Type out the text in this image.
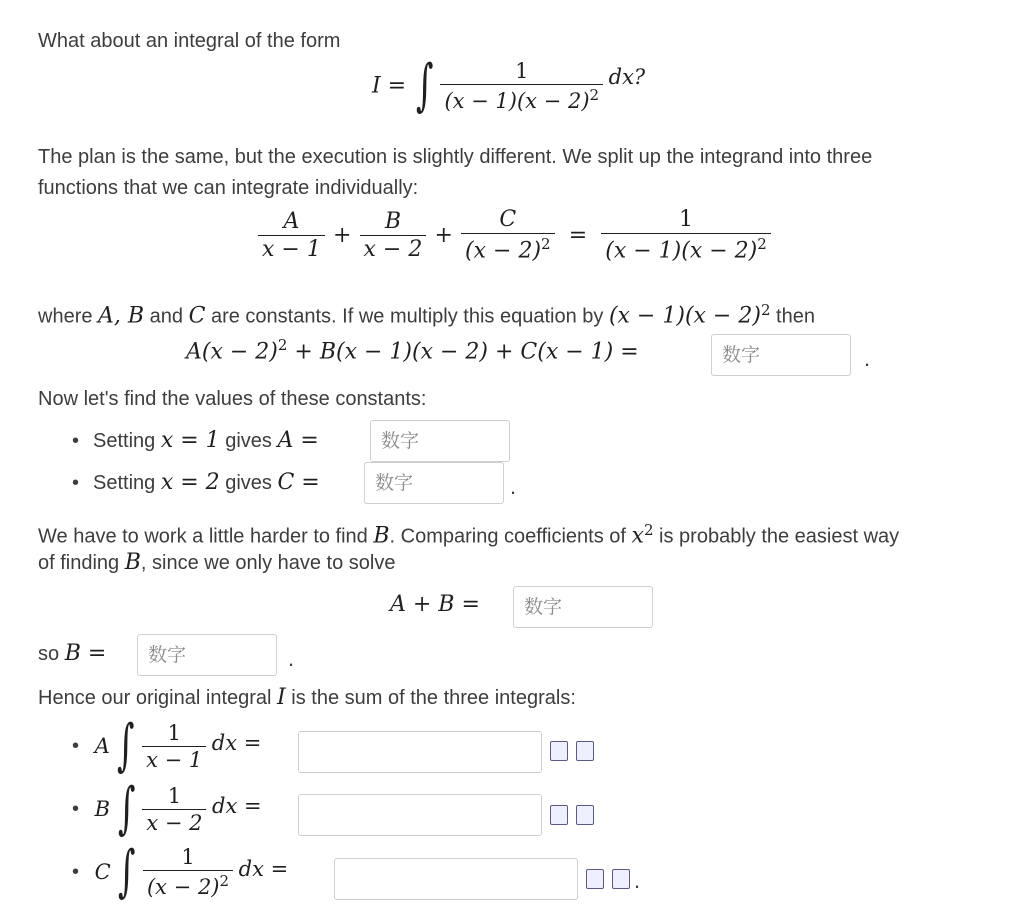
What about an integral of the form
I = ∫ $\frac{1}{(x - 1)(x - 2)^2}$ dx?
The plan is the same, but the execution is slightly different. We split up the integrand into three
functions that we can integrate individually:
$\frac{A}{x - 1} + \frac{B}{x - 2} + \frac{C}{(x - 2)^2} = \frac{1}{(x - 1)(x - 2)^2}$
where A, B and C are constants. If we multiply this equation by $(x - 1)(x - 2)^2$ then
$A(x - 2)^2 + B(x - 1)(x - 2) + C(x - 1)$ =	数字	.
Now let's find the values of these constants:
• Setting x = 1 gives A =	数字
• Setting x = 2 gives C =	数字	.
We have to work a little harder to find B. Comparing coefficients of $x^2$ is probably the easiest way
of finding B, since we only have to solve
A + B =	数字
so B =	数字	.
Hence our original integral I is the sum of the three integrals:
• A ∫ $\frac{1}{x - 1}$ dx =
• B ∫ $\frac{1}{x - 2}$ dx =
• C ∫ $\frac{1}{(x - 2)^2}$ dx =	.
